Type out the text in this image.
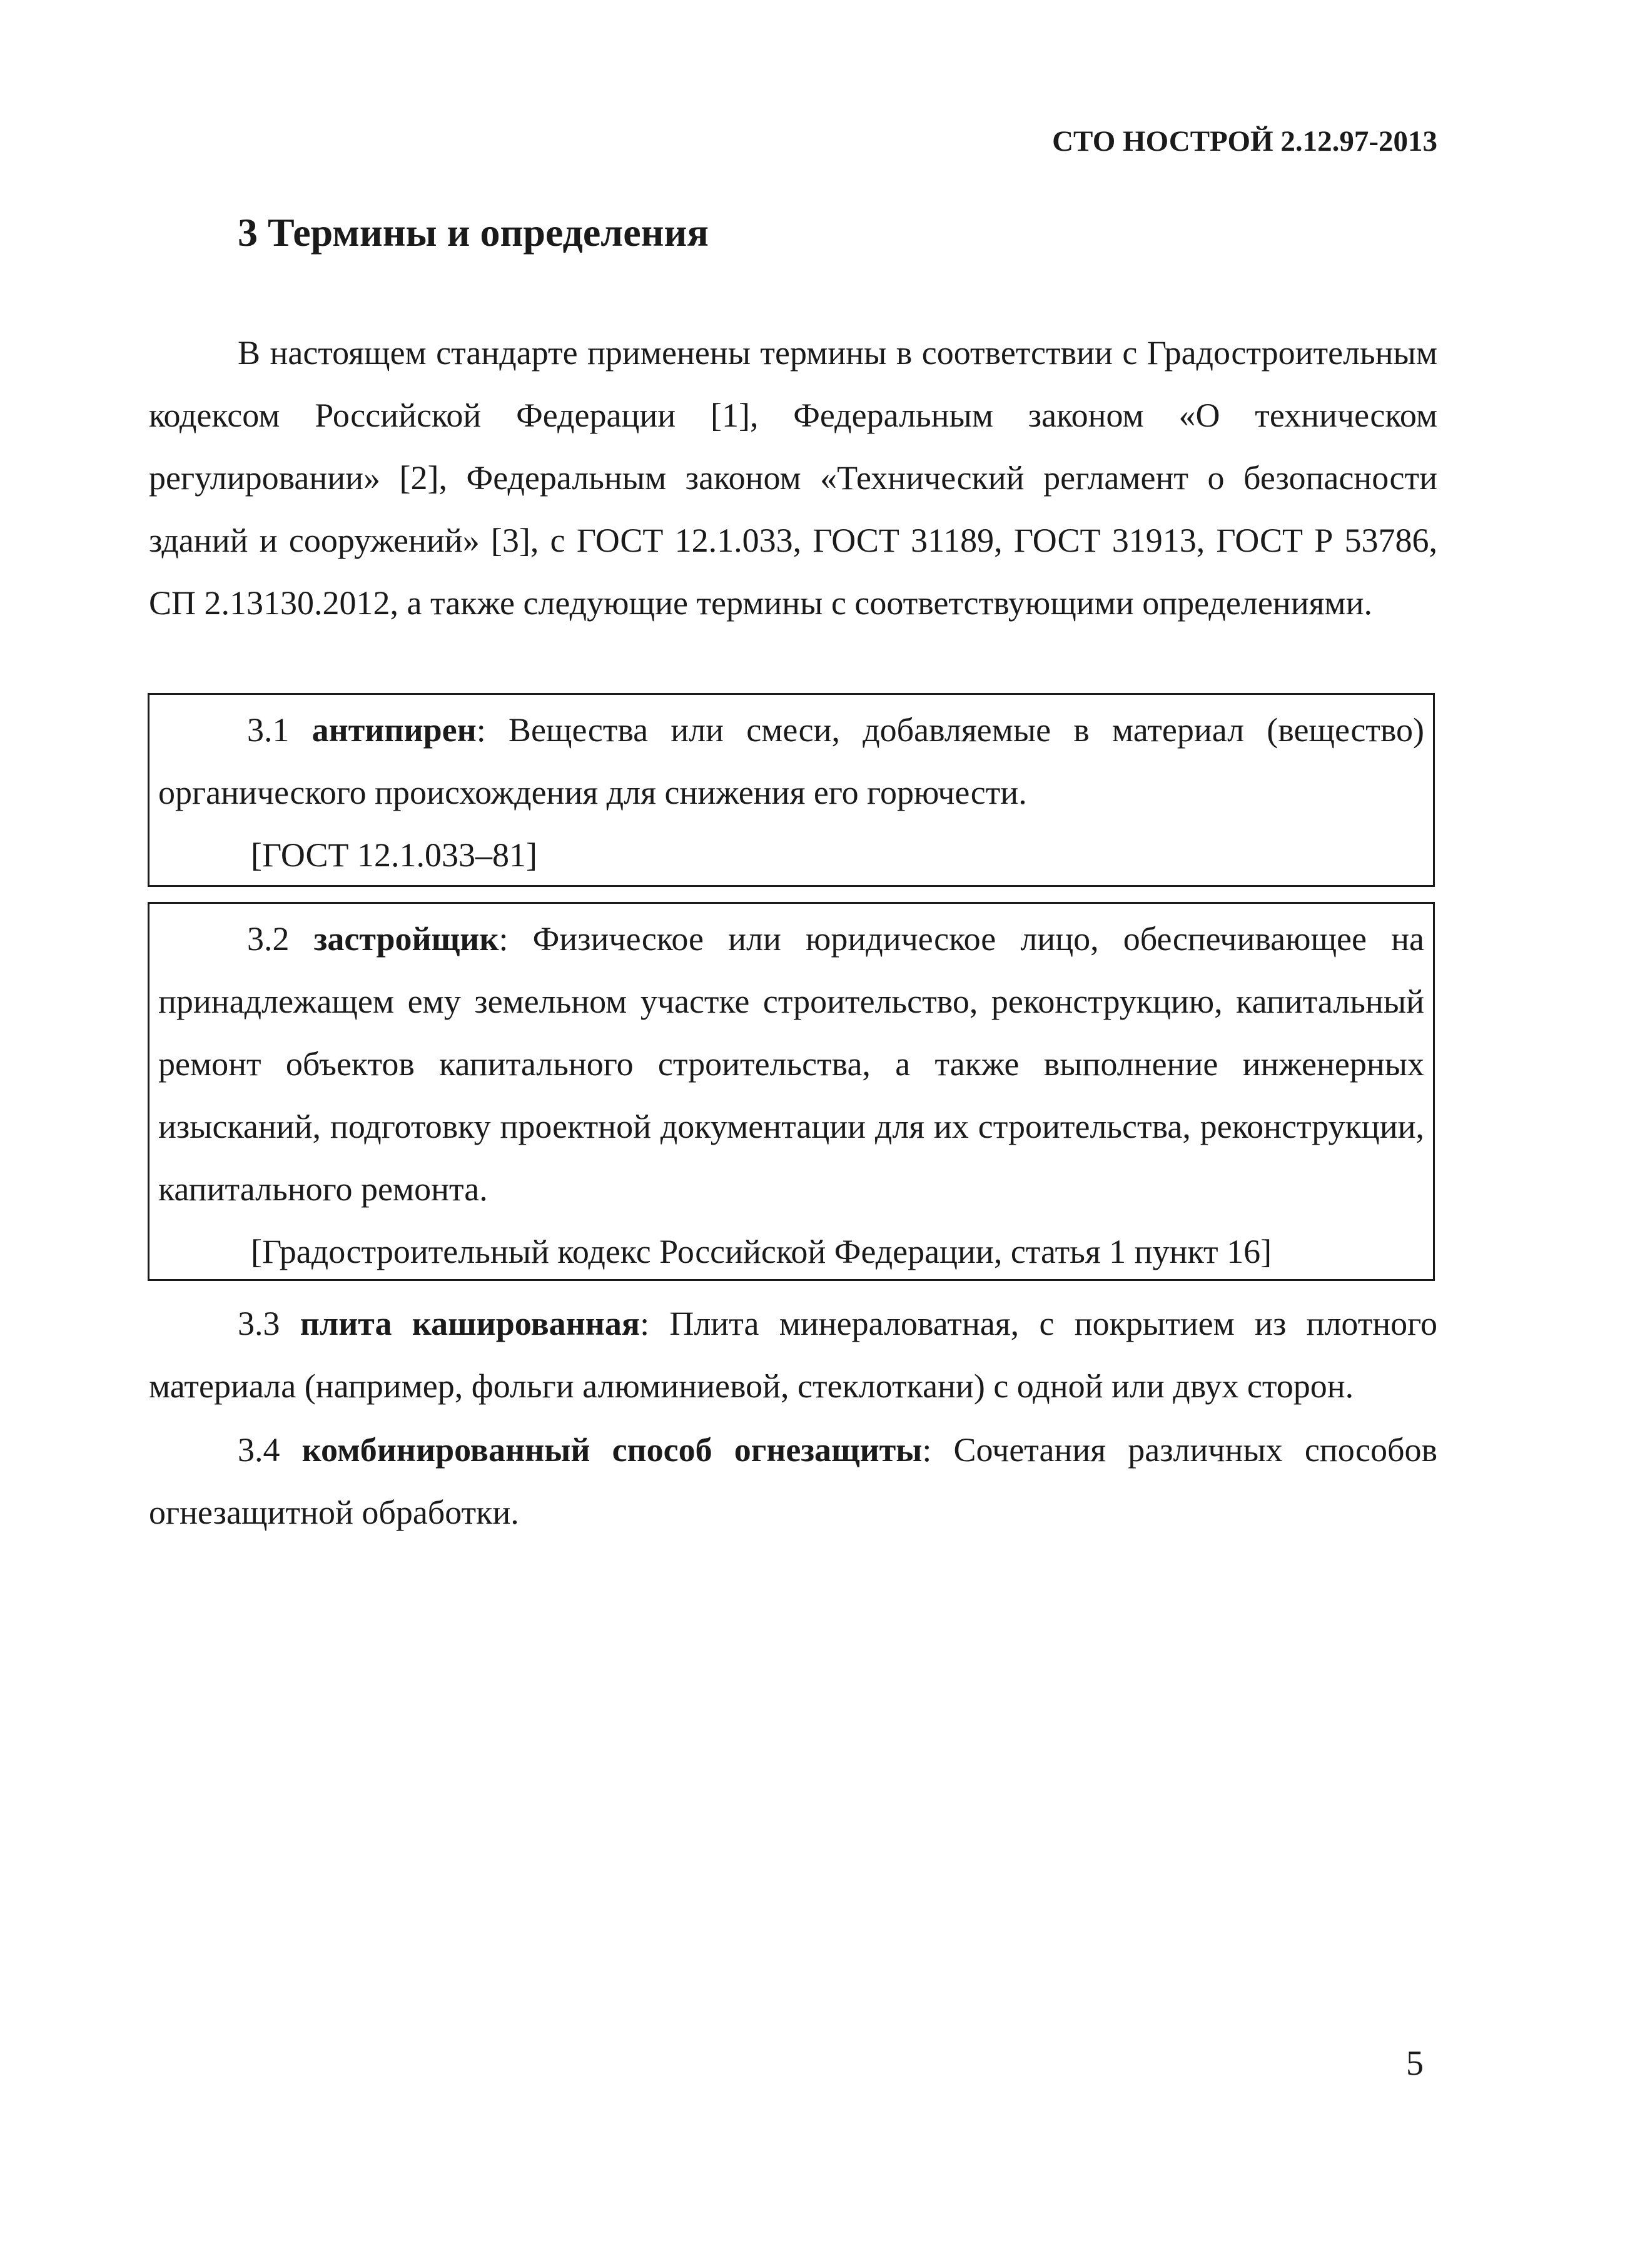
СТО НОСТРОЙ 2.12.97-2013
3 Термины и определения

В настоящем стандарте применены термины в соответствии с Градостроительным кодексом Российской Федерации [1], Федеральным законом «О техническом регулировании» [2], Федеральным законом «Технический регламент о безопасности зданий и сооружений» [3], с ГОСТ 12.1.033, ГОСТ 31189, ГОСТ 31913, ГОСТ Р 53786, СП 2.13130.2012, а также следующие термины с соответствующими определениями.

3.1 антипирен: Вещества или смеси, добавляемые в материал (вещество) органического происхождения для снижения его горючести.

[ГОСТ 12.1.033–81]

3.2 застройщик: Физическое или юридическое лицо, обеспечивающее на принадлежащем ему земельном участке строительство, реконструкцию, капитальный ремонт объектов капитального строительства, а также выполнение инженерных изысканий, подготовку проектной документации для их строительства, реконструкции, капитального ремонта.

[Градостроительный кодекс Российской Федерации, статья 1 пункт 16]

3.3 плита кашированная: Плита минераловатная, с покрытием из плотного материала (например, фольги алюминиевой, стеклоткани) с одной или двух сторон.

3.4 комбинированный способ огнезащиты: Сочетания различных способов огнезащитной обработки.

5
